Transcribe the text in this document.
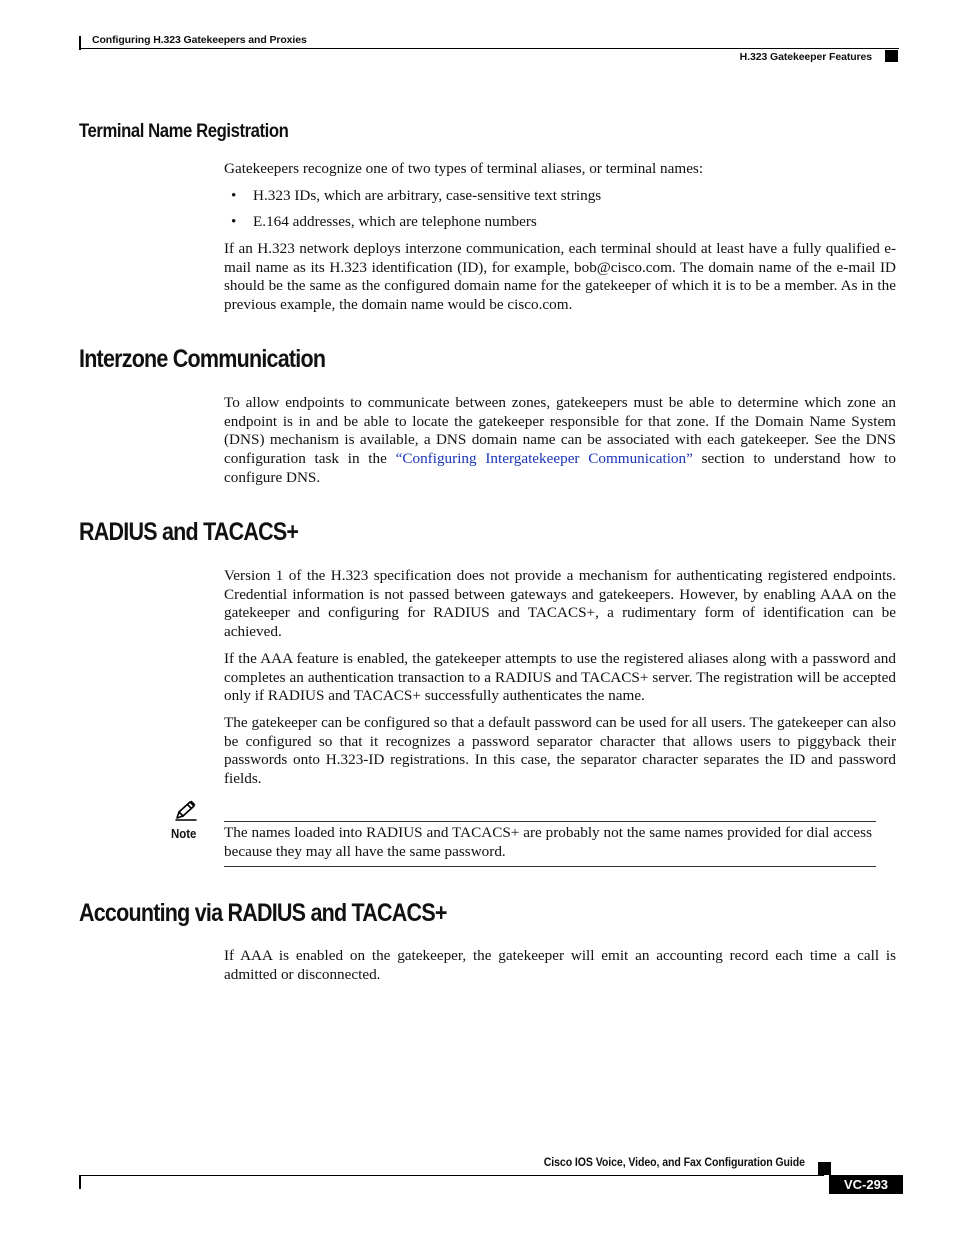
Configuring H.323 Gatekeepers and Proxies
H.323 Gatekeeper Features
Terminal Name Registration

Gatekeepers recognize one of two types of terminal aliases, or terminal names:

• H.323 IDs, which are arbitrary, case-sensitive text strings
• E.164 addresses, which are telephone numbers

If an H.323 network deploys interzone communication, each terminal should at least have a fully qualified e-mail name as its H.323 identification (ID), for example, bob@cisco.com. The domain name of the e-mail ID should be the same as the configured domain name for the gatekeeper of which it is to be a member. As in the previous example, the domain name would be cisco.com.

Interzone Communication

To allow endpoints to communicate between zones, gatekeepers must be able to determine which zone an endpoint is in and be able to locate the gatekeeper responsible for that zone. If the Domain Name System (DNS) mechanism is available, a DNS domain name can be associated with each gatekeeper. See the DNS configuration task in the “Configuring Intergatekeeper Communication” section to understand how to configure DNS.

RADIUS and TACACS+

Version 1 of the H.323 specification does not provide a mechanism for authenticating registered endpoints. Credential information is not passed between gateways and gatekeepers. However, by enabling AAA on the gatekeeper and configuring for RADIUS and TACACS+, a rudimentary form of identification can be achieved.

If the AAA feature is enabled, the gatekeeper attempts to use the registered aliases along with a password and completes an authentication transaction to a RADIUS and TACACS+ server. The registration will be accepted only if RADIUS and TACACS+ successfully authenticates the name.

The gatekeeper can be configured so that a default password can be used for all users. The gatekeeper can also be configured so that it recognizes a password separator character that allows users to piggyback their passwords onto H.323-ID registrations. In this case, the separator character separates the ID and password fields.

Note The names loaded into RADIUS and TACACS+ are probably not the same names provided for dial access because they may all have the same password.

Accounting via RADIUS and TACACS+

If AAA is enabled on the gatekeeper, the gatekeeper will emit an accounting record each time a call is admitted or disconnected.

Cisco IOS Voice, Video, and Fax Configuration Guide
VC-293
